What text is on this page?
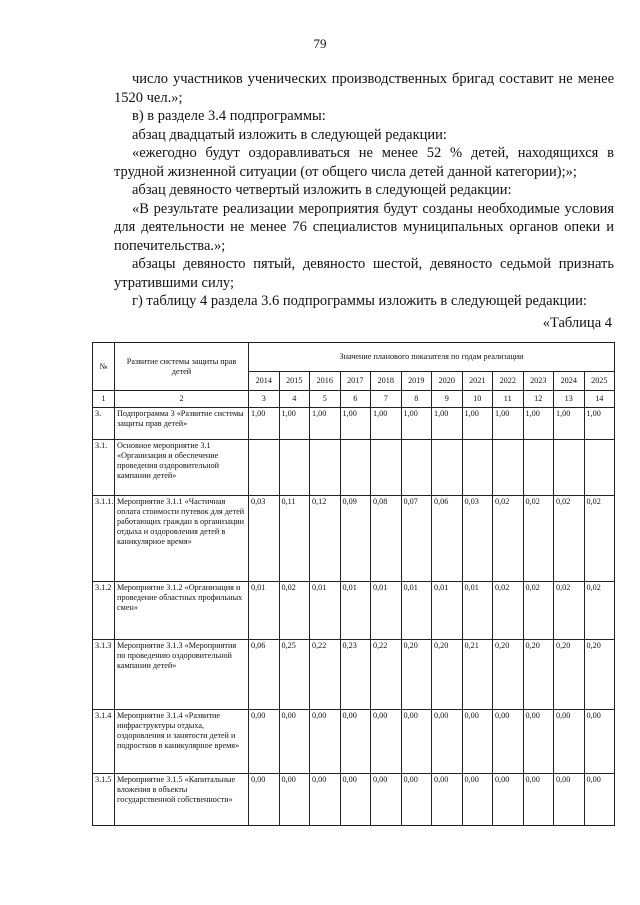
79

число участников ученических производственных бригад составит не менее 1520 чел.»;

в) в разделе 3.4 подпрограммы:

абзац двадцатый изложить в следующей редакции:

«ежегодно будут оздоравливаться не менее 52 % детей, находящихся в трудной жизненной ситуации (от общего числа детей данной категории);»;

абзац девяносто четвертый изложить в следующей редакции:

«В результате реализации мероприятия будут созданы необходимые условия для деятельности не менее 76 специалистов муниципальных органов опеки и попечительства.»;

абзацы девяносто пятый, девяносто шестой, девяносто седьмой признать утратившими силу;

г) таблицу 4 раздела 3.6 подпрограммы изложить в следующей редакции:

«Таблица 4
№	Развитие системы защиты прав детей	Значение планового показателя по годам реализации											
		2014	2015	2016	2017	2018	2019	2020	2021	2022	2023	2024	2025
1	2	3	4	5	6	7	8	9	10	11	12	13	14
3.	Подпрограмма 3 «Развитие системы защиты прав детей»	1,00	1,00	1,00	1,00	1,00	1,00	1,00	1,00	1,00	1,00	1,00	1,00
3.1.	Основное мероприятие 3.1 «Организация и обеспечение проведения оздоровительной кампании детей»												
3.1.1.	Мероприятие 3.1.1 «Частичная оплата стоимости путевок для детей работающих граждан в организации отдыха и оздоровления детей в каникулярное время»	0,03	0,11	0,12	0,09	0,08	0,07	0,06	0,03	0,02	0,02	0,02	0,02
3.1.2	Мероприятие 3.1.2 «Организация и проведение областных профильных смен»	0,01	0,02	0,01	0,01	0,01	0,01	0,01	0,01	0,02	0,02	0,02	0,02
3.1.3	Мероприятие 3.1.3 «Мероприятия по проведению оздоровительной кампании детей»	0,06	0,25	0,22	0,23	0,22	0,20	0,20	0,21	0,20	0,20	0,20	0,20
3.1.4	Мероприятие 3.1.4 «Развитие инфраструктуры отдыха, оздоровления и занятости детей и подростков в каникулярное время»	0,00	0,00	0,00	0,00	0,00	0,00	0,00	0,00	0,00	0,00	0,00	0,00
3.1.5	Мероприятие 3.1.5 «Капитальные вложения в объекты государственной собственности»	0,00	0,00	0,00	0,00	0,00	0,00	0,00	0,00	0,00	0,00	0,00	0,00
